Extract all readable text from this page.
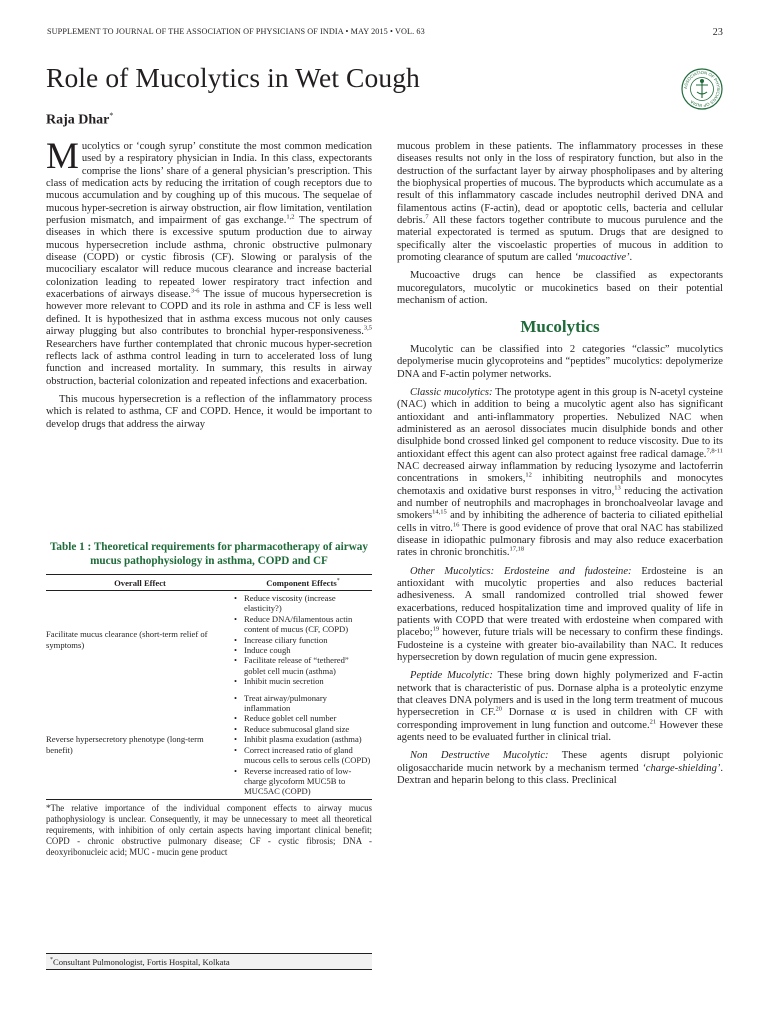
SUPPLEMENT TO JOURNAL OF THE ASSOCIATION OF PHYSICIANS OF INDIA • MAY 2015 • VOL. 63	23
Role of Mucolytics in Wet Cough
Raja Dhar*
ASSOCIATION OF PHYSICIANS OF INDIA

Mucolytics or ‘cough syrup’ constitute the most common medication used by a respiratory physician in India. In this class, expectorants comprise the lions’ share of a general physician’s prescription. This class of medication acts by reducing the irritation of cough receptors due to mucous accumulation and by coughing up of this mucous. The sequelae of mucous hyper-secretion is airway obstruction, air flow limitation, ventilation perfusion mismatch, and impairment of gas exchange.$^{1,2}$ The spectrum of diseases in which there is excessive sputum production due to airway mucous hypersecretion include asthma, chronic obstructive pulmonary disease (COPD) or cystic fibrosis (CF). Slowing or paralysis of the mucociliary escalator will reduce mucous clearance and increase bacterial colonization leading to repeated lower respiratory tract infection and exacerbations of airways disease.$^{3-6}$ The issue of mucous hypersecretion is however more relevant to COPD and its role in asthma and CF is less well defined. It is hypothesized that in asthma excess mucous not only causes airway plugging but also contributes to bronchial hyper-responsiveness.$^{3,5}$ Researchers have further contemplated that chronic mucous hyper-secretion reflects lack of asthma control leading in turn to accelerated loss of lung function and increased mortality. In summary, this results in airway obstruction, bacterial colonization and repeated infections and exacerbation.

This mucous hypersecretion is a reflection of the inflammatory process which is related to asthma, CF and COPD. Hence, it would be important to develop drugs that address the airway

Table 1 : Theoretical requirements for pharmacotherapy of airway mucus pathophysiology in asthma, COPD and CF
Overall Effect	Component Effects*
Facilitate mucus clearance (short-term relief of symptoms)
• Reduce viscosity (increase elasticity?)
• Reduce DNA/filamentous actin content of mucus (CF, COPD)
• Increase ciliary function
• Induce cough
• Facilitate release of “tethered” goblet cell mucin (asthma)
• Inhibit mucin secretion
Reverse hypersecretory phenotype (long-term benefit)
• Treat airway/pulmonary inflammation
• Reduce goblet cell number
• Reduce submucosal gland size
• Inhibit plasma exudation (asthma)
• Correct increased ratio of gland mucous cells to serous cells (COPD)
• Reverse increased ratio of low-charge glycoform MUC5B to MUC5AC (COPD)
*The relative importance of the individual component effects to airway mucus pathophysiology is unclear. Consequently, it may be unnecessary to meet all theoretical requirements, with inhibition of only certain aspects having important clinical benefit; COPD - chronic obstructive pulmonary disease; CF - cystic fibrosis; DNA - deoxyribonucleic acid; MUC - mucin gene product
*Consultant Pulmonologist, Fortis Hospital, Kolkata

mucous problem in these patients. The inflammatory processes in these diseases results not only in the loss of respiratory function, but also in the destruction of the surfactant layer by airway phospholipases and by altering the biophysical properties of mucous. The byproducts which accumulate as a result of this inflammatory cascade includes neutrophil derived DNA and filamentous actins (F-actin), dead or apoptotic cells, bacteria and cellular debris.$^7$ All these factors together contribute to mucous purulence and the material expectorated is termed as sputum. Drugs that are designed to specifically alter the viscoelastic properties of mucous in addition to promoting clearance of sputum are called ‘mucoactive’.

Mucoactive drugs can hence be classified as expectorants mucoregulators, mucolytic or mucokinetics based on their potential mechanism of action.

Mucolytics

Mucolytic can be classified into 2 categories “classic” mucolytics depolymerise mucin glycoproteins and “peptides” mucolytics: depolymerize DNA and F-actin polymer networks.

Classic mucolytics: The prototype agent in this group is N-acetyl cysteine (NAC) which in addition to being a mucolytic agent also has significant antioxidant and anti-inflammatory properties. Nebulized NAC when administered as an aerosol dissociates mucin disulphide bonds and other disulphide bond crossed linked gel component to reduce viscosity. Due to its antioxidant effect this agent can also protect against free radical damage.$^{7,8-11}$ NAC decreased airway inflammation by reducing lysozyme and lactoferrin concentrations in smokers,$^{12}$ inhibiting neutrophils and monocytes chemotaxis and oxidative burst responses in vitro,$^{13}$ reducing the activation and number of neutrophils and macrophages in bronchoalveolar lavage and smokers$^{14,15}$ and by inhibiting the adherence of bacteria to ciliated epithelial cells in vitro.$^{16}$ There is good evidence of prove that oral NAC has stabilized disease in idiopathic pulmonary fibrosis and may also reduce exacerbation rates in chronic bronchitis.$^{17,18}$

Other Mucolytics: Erdosteine and fudosteine: Erdosteine is an antioxidant with mucolytic properties and also reduces bacterial adhesiveness. A small randomized controlled trial showed fewer exacerbations, reduced hospitalization time and improved quality of life in patients with COPD that were treated with erdosteine when compared with placebo;$^{19}$ however, future trials will be necessary to confirm these findings. Fudosteine is a cysteine with greater bio-availability than NAC. It reduces hypersecretion by down regulation of mucin gene expression.

Peptide Mucolytic: These bring down highly polymerized and F-actin network that is characteristic of pus. Dornase alpha is a proteolytic enzyme that cleaves DNA polymers and is used in the long term treatment of mucous hypersecretion in CF.$^{20}$ Dornase α is used in children with CF with corresponding improvement in lung function and outcome.$^{21}$ However these agents need to be evaluated further in clinical trial.

Non Destructive Mucolytic: These agents disrupt polyionic oligosaccharide mucin network by a mechanism termed ‘charge-shielding’. Dextran and heparin belong to this class. Preclinical
